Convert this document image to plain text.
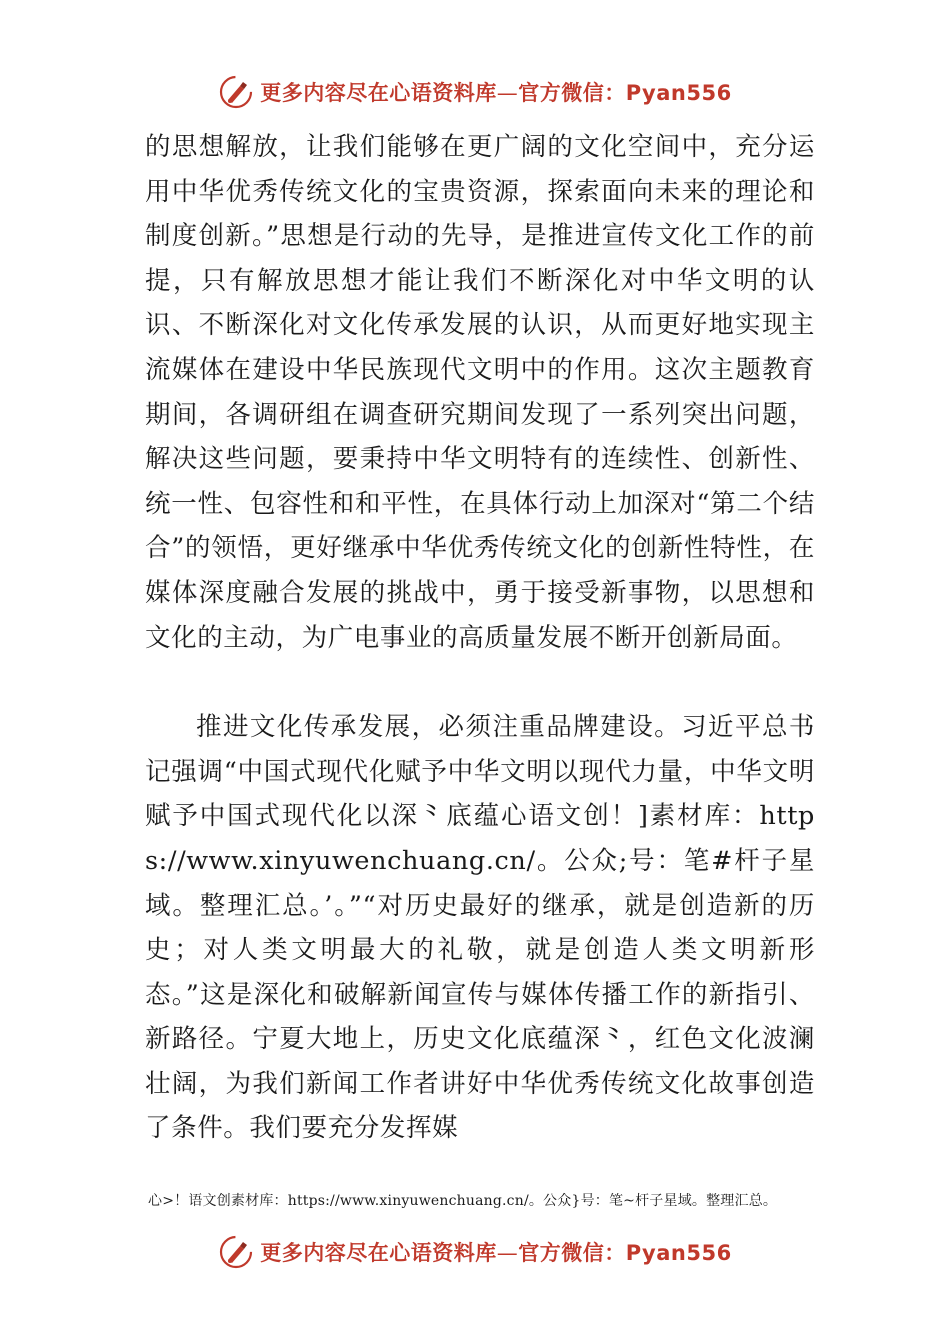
更多内容尽在心语资料库—官方微信：Pyan556

的思想解放，让我们能够在更广阔的文化空间中，充分运用中华优秀传统文化的宝贵资源，探索面向未来的理论和制度创新。”思想是行动的先导，是推进宣传文化工作的前提，只有解放思想才能让我们不断深化对中华文明的认识、不断深化对文化传承发展的认识，从而更好地实现主流媒体在建设中华民族现代文明中的作用。这次主题教育期间，各调研组在调查研究期间发现了一系列突出问题，解决这些问题，要秉持中华文明特有的连续性、创新性、统一性、包容性和和平性，在具体行动上加深对“第二个结合”的领悟，更好继承中华优秀传统文化的创新性特性，在媒体深度融合发展的挑战中，勇于接受新事物，以思想和文化的主动，为广电事业的高质量发展不断开创新局面。

推进文化传承发展，必须注重品牌建设。习近平总书记强调“中国式现代化赋予中华文明以现代力量，中华文明赋予中国式现代化以深⺀底蕴心语文创！]素材库：https://www.xinyuwenchuang.cn/。公众;号：笔#杆子星域。整理汇总。’。”“对历史最好的继承，就是创造新的历史；对人类文明最大的礼敬，就是创造人类文明新形态。”这是深化和破解新闻宣传与媒体传播工作的新指引、新路径。宁夏大地上，历史文化底蕴深⺀，红色文化波澜壮阔，为我们新闻工作者讲好中华优秀传统文化故事创造了条件。我们要充分发挥媒

心>！语文创素材库：https://www.xinyuwenchuang.cn/。公众}号：笔~杆子星域。整理汇总。
更多内容尽在心语资料库—官方微信：Pyan556
